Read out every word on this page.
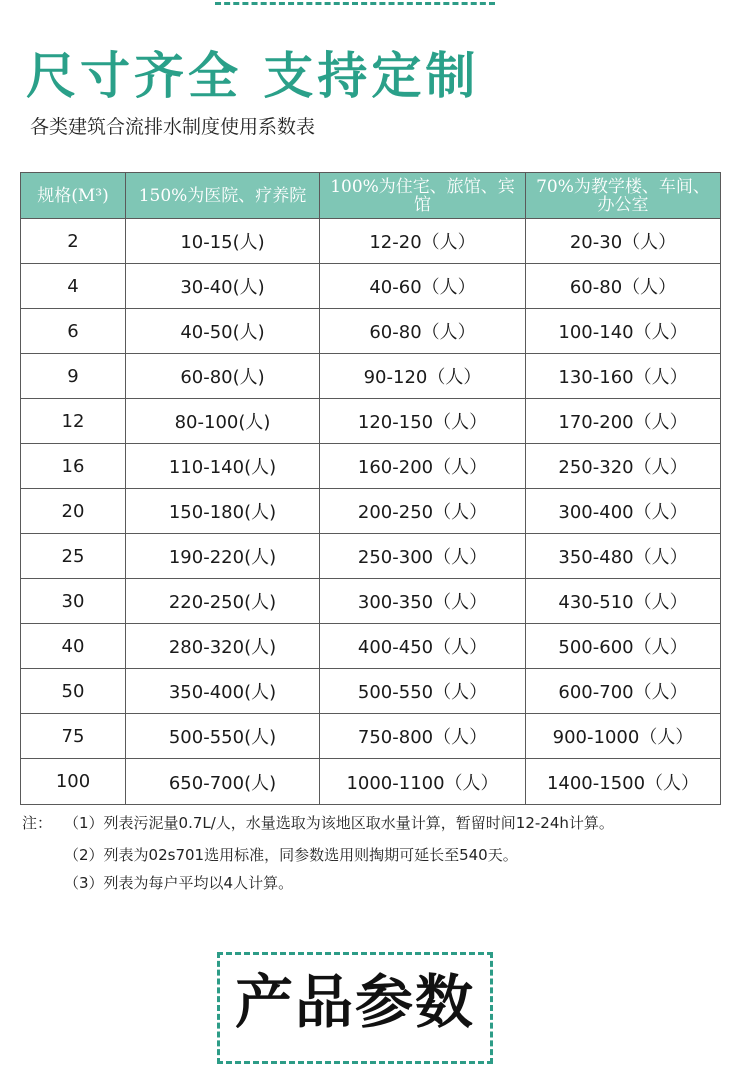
尺寸齐全 支持定制

各类建筑合流排水制度使用系数表

规格(M³)	150%为医院、疗养院	100%为住宅、旅馆、宾馆	70%为教学楼、车间、办公室
2	10-15(人)	12-20（人）	20-30（人）
4	30-40(人)	40-60（人）	60-80（人）
6	40-50(人)	60-80（人）	100-140（人）
9	60-80(人)	90-120（人）	130-160（人）
12	80-100(人)	120-150（人）	170-200（人）
16	110-140(人)	160-200（人）	250-320（人）
20	150-180(人)	200-250（人）	300-400（人）
25	190-220(人)	250-300（人）	350-480（人）
30	220-250(人)	300-350（人）	430-510（人）
40	280-320(人)	400-450（人）	500-600（人）
50	350-400(人)	500-550（人）	600-700（人）
75	500-550(人)	750-800（人）	900-1000（人）
100	650-700(人)	1000-1100（人）	1400-1500（人）
注： （1）列表污泥量0.7L/人，水量选取为该地区取水量计算，暂留时间12-24h计算。
（2）列表为02s701选用标准，同参数选用则掏期可延长至540天。
（3）列表为每户平均以4人计算。
产品参数
